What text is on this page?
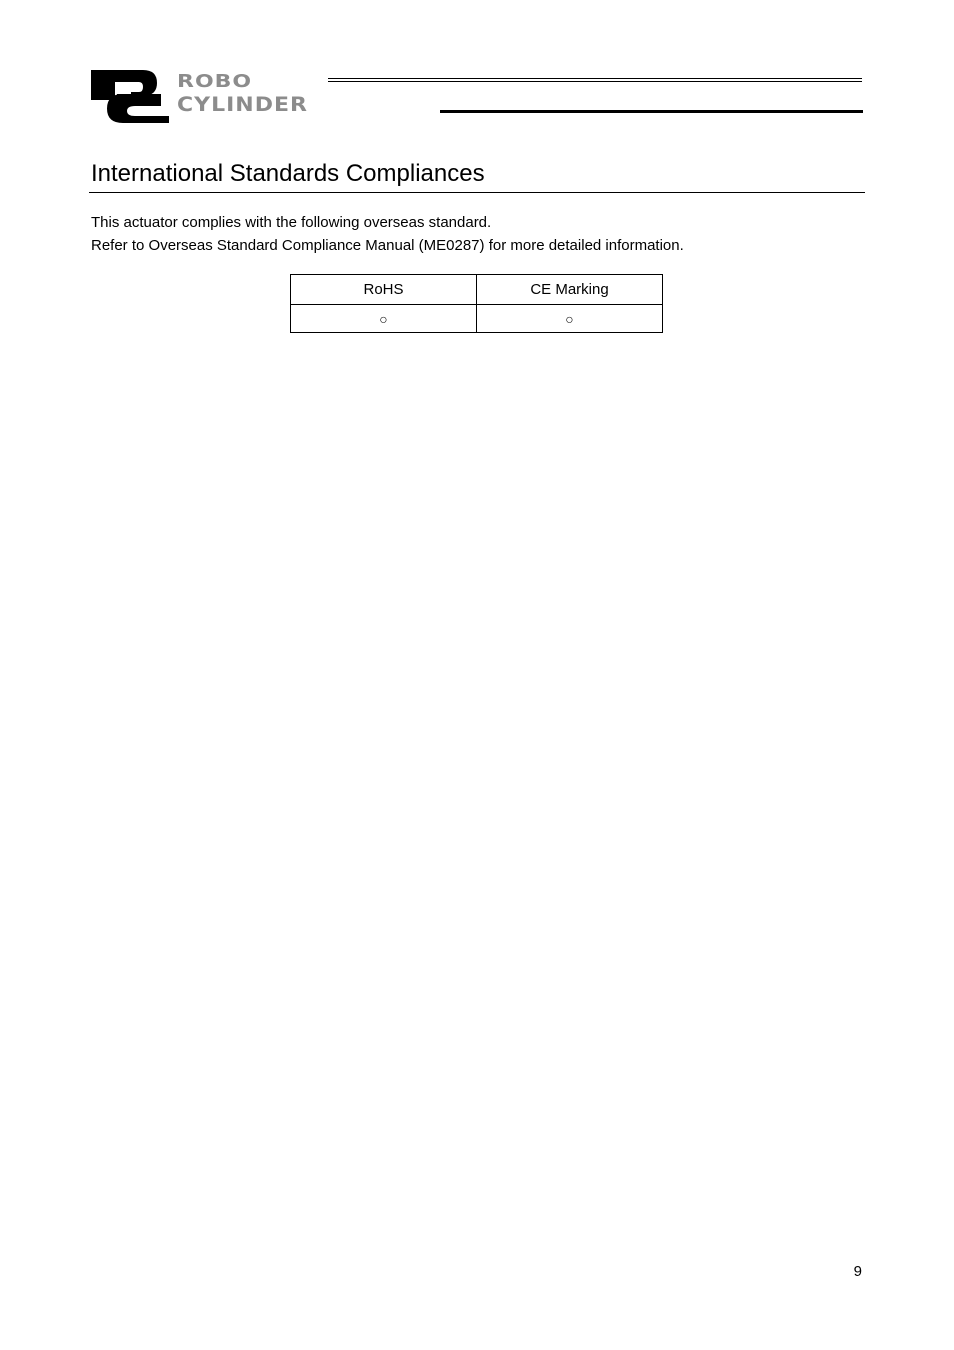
ROBO
CYLINDER
International Standards Compliances

This actuator complies with the following overseas standard.

Refer to Overseas Standard Compliance Manual (ME0287) for more detailed information.

RoHS	CE Marking
○	○
9
